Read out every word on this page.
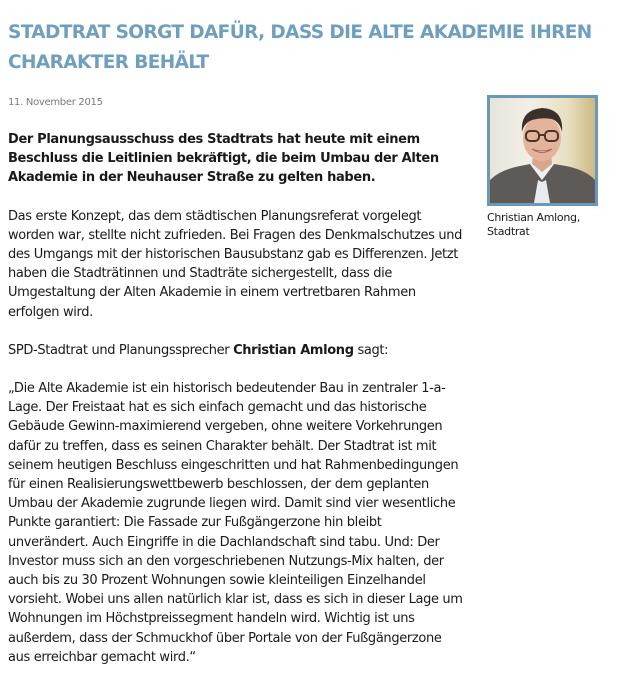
STADTRAT SORGT DAFÜR, DASS DIE ALTE AKADEMIE IHREN CHARAKTER BEHÄLT
11. November 2015

Der Planungsausschuss des Stadtrats hat heute mit einem Beschluss die Leitlinien bekräftigt, die beim Umbau der Alten Akademie in der Neuhauser Straße zu gelten haben.

Das erste Konzept, das dem städtischen Planungsreferat vorgelegt worden war, stellte nicht zufrieden. Bei Fragen des Denkmalschutzes und des Umgangs mit der historischen Bausubstanz gab es Differenzen. Jetzt haben die Stadträtinnen und Stadträte sichergestellt, dass die Umgestaltung der Alten Akademie in einem vertretbaren Rahmen erfolgen wird.

SPD-Stadtrat und Planungssprecher Christian Amlong sagt:

„Die Alte Akademie ist ein historisch bedeutender Bau in zentraler 1-a-Lage. Der Freistaat hat es sich einfach gemacht und das historische Gebäude Gewinn-maximierend vergeben, ohne weitere Vorkehrungen dafür zu treffen, dass es seinen Charakter behält. Der Stadtrat ist mit seinem heutigen Beschluss eingeschritten und hat Rahmenbedingungen für einen Realisierungswettbewerb beschlossen, der dem geplanten Umbau der Akademie zugrunde liegen wird. Damit sind vier wesentliche Punkte garantiert: Die Fassade zur Fußgängerzone hin bleibt unverändert. Auch Eingriffe in die Dachlandschaft sind tabu. Und: Der Investor muss sich an den vorgeschriebenen Nutzungs-Mix halten, der auch bis zu 30 Prozent Wohnungen sowie kleinteiligen Einzelhandel vorsieht. Wobei uns allen natürlich klar ist, dass es sich in dieser Lage um Wohnungen im Höchstpreissegment handeln wird. Wichtig ist uns außerdem, dass der Schmuckhof über Portale von der Fußgängerzone aus erreichbar gemacht wird.“

Christian Amlong,
Stadtrat
